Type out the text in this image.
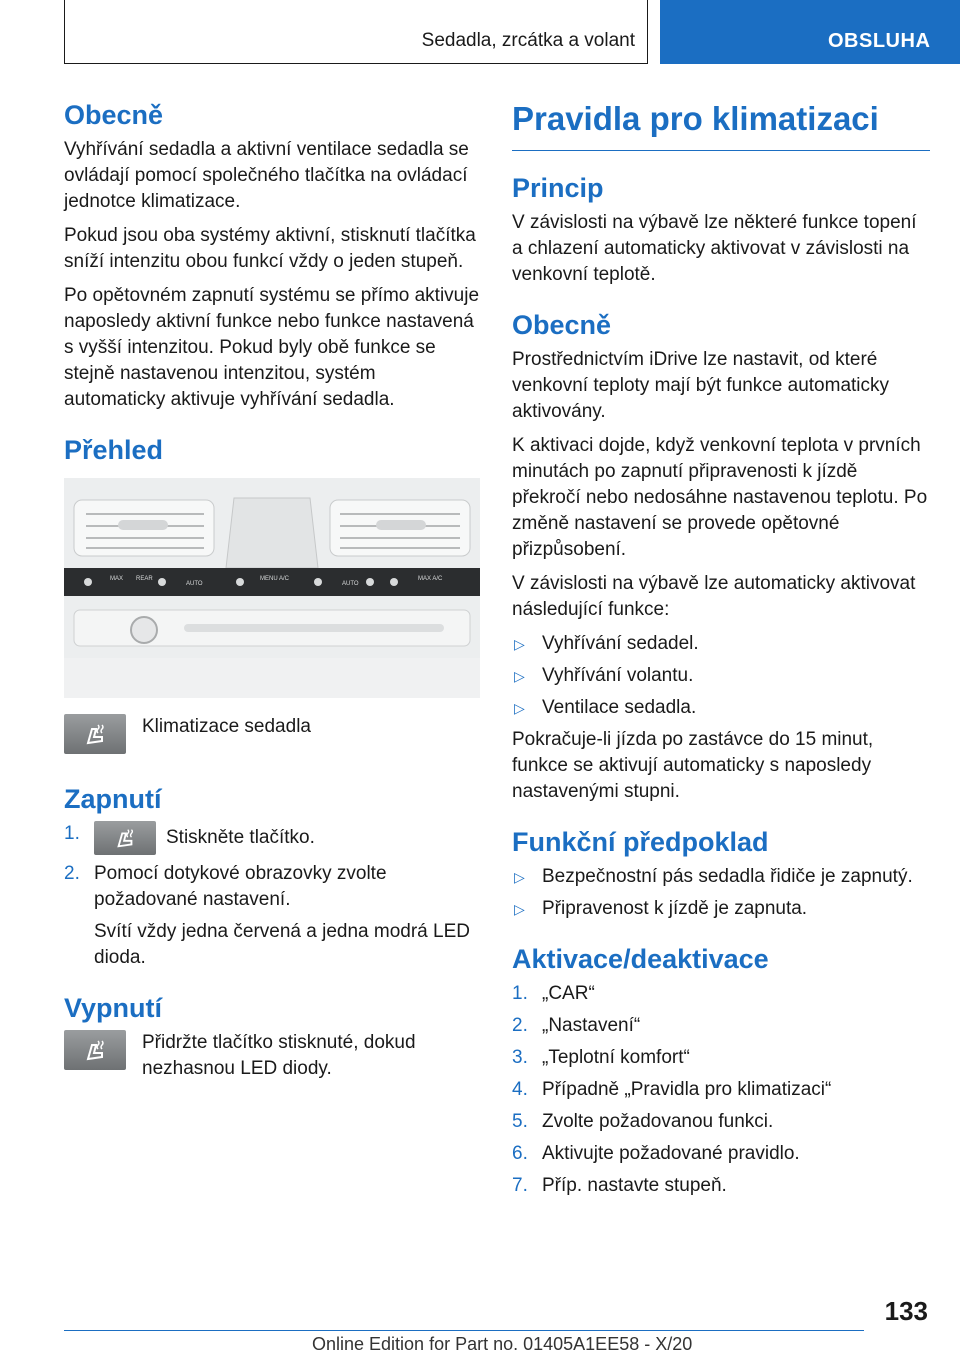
Sedadla, zrcátka a volant	OBSLUHA
Obecně

Vyhřívání sedadla a aktivní ventilace sedadla se ovládají pomocí společného tlačítka na ovládací jednotce klimatizace.

Pokud jsou oba systémy aktivní, stisknutí tlačítka sníží intenzitu obou funkcí vždy o jeden stupeň.

Po opětovném zapnutí systému se přímo aktivuje naposledy aktivní funkce nebo funkce nastavená s vyšší intenzitou. Pokud byly obě funkce se stejně nastavenou intenzitou, systém automaticky aktivuje vyhřívání sedadla.

Přehled
MAX REAR
AUTO
MENU A/C
AUTO
MAX A/C
Klimatizace sedadla
Zapnutí
1.	Stiskněte tlačítko.
2. Pomocí dotykové obrazovky zvolte požadované nastavení.

Svítí vždy jedna červená a jedna modrá LED dioda.

Vypnutí
Přidržte tlačítko stisknuté, dokud nezhasnou LED diody.
Pravidla pro klimatizaci
Princip

V závislosti na výbavě lze některé funkce topení a chlazení automaticky aktivovat v závislosti na venkovní teplotě.

Obecně

Prostřednictvím iDrive lze nastavit, od které venkovní teploty mají být funkce automaticky aktivovány.

K aktivaci dojde, když venkovní teplota v prvních minutách po zapnutí připravenosti k jízdě překročí nebo nedosáhne nastavenou teplotu. Po změně nastavení se provede opětovné přizpůsobení.

V závislosti na výbavě lze automaticky aktivovat následující funkce:

▷ Vyhřívání sedadel.
▷ Vyhřívání volantu.
▷ Ventilace sedadla.

Pokračuje-li jízda po zastávce do 15 minut, funkce se aktivují automaticky s naposledy nastavenými stupni.

Funkční předpoklad
▷ Bezpečnostní pás sedadla řidiče je zapnutý.
▷ Připravenost k jízdě je zapnuta.
Aktivace/deaktivace
1. „CAR“
2. „Nastavení“
3. „Teplotní komfort“
4. Případně „Pravidla pro klimatizaci“
5. Zvolte požadovanou funkci.
6. Aktivujte požadované pravidlo.
7. Příp. nastavte stupeň.
133
Online Edition for Part no. 01405A1EE58 - X/20
